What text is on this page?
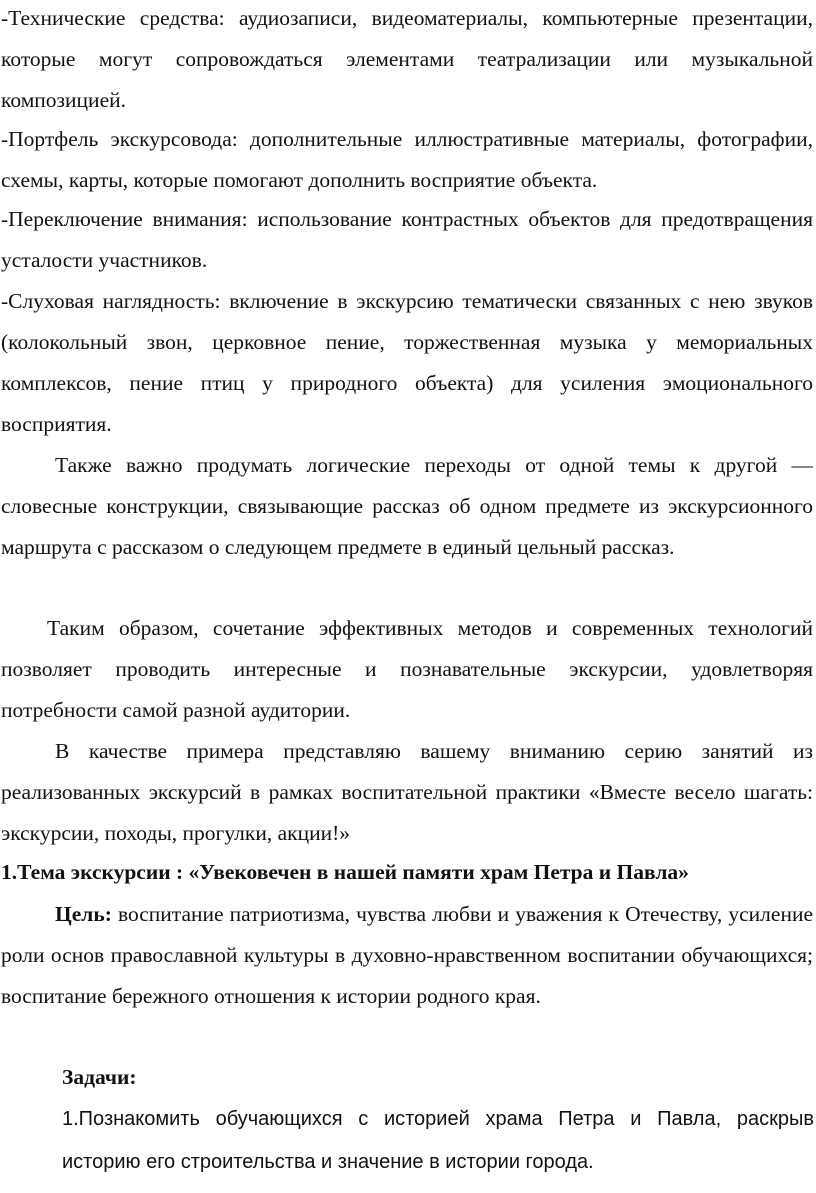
-Технические средства: аудиозаписи, видеоматериалы, компьютерные презентации, которые могут сопровождаться элементами театрализации или музыкальной композицией.

-Портфель экскурсовода: дополнительные иллюстративные материалы, фотографии, схемы, карты, которые помогают дополнить восприятие объекта.

-Переключение внимания: использование контрастных объектов для предотвращения усталости участников.

-Слуховая наглядность: включение в экскурсию тематически связанных с нею звуков (колокольный звон, церковное пение, торжественная музыка у мемориальных комплексов, пение птиц у природного объекта) для усиления эмоционального восприятия.

Также важно продумать логические переходы от одной темы к другой — словесные конструкции, связывающие рассказ об одном предмете из экскурсионного маршрута с рассказом о следующем предмете в единый цельный рассказ.

Таким образом, сочетание эффективных методов и современных технологий позволяет проводить интересные и познавательные экскурсии, удовлетворяя потребности самой разной аудитории.

В качестве примера представляю вашему вниманию серию занятий из реализованных экскурсий в рамках воспитательной практики «Вместе весело шагать: экскурсии, походы, прогулки, акции!»

1.Тема экскурсии : «Увековечен в нашей памяти храм Петра и Павла»

Цель: воспитание патриотизма, чувства любви и уважения к Отечеству, усиление роли основ православной культуры в духовно-нравственном воспитании обучающихся; воспитание бережного отношения к истории родного края.

Задачи:

1.Познакомить обучающихся с историей храма Петра и Павла, раскрыв историю его строительства и значение в истории города.
